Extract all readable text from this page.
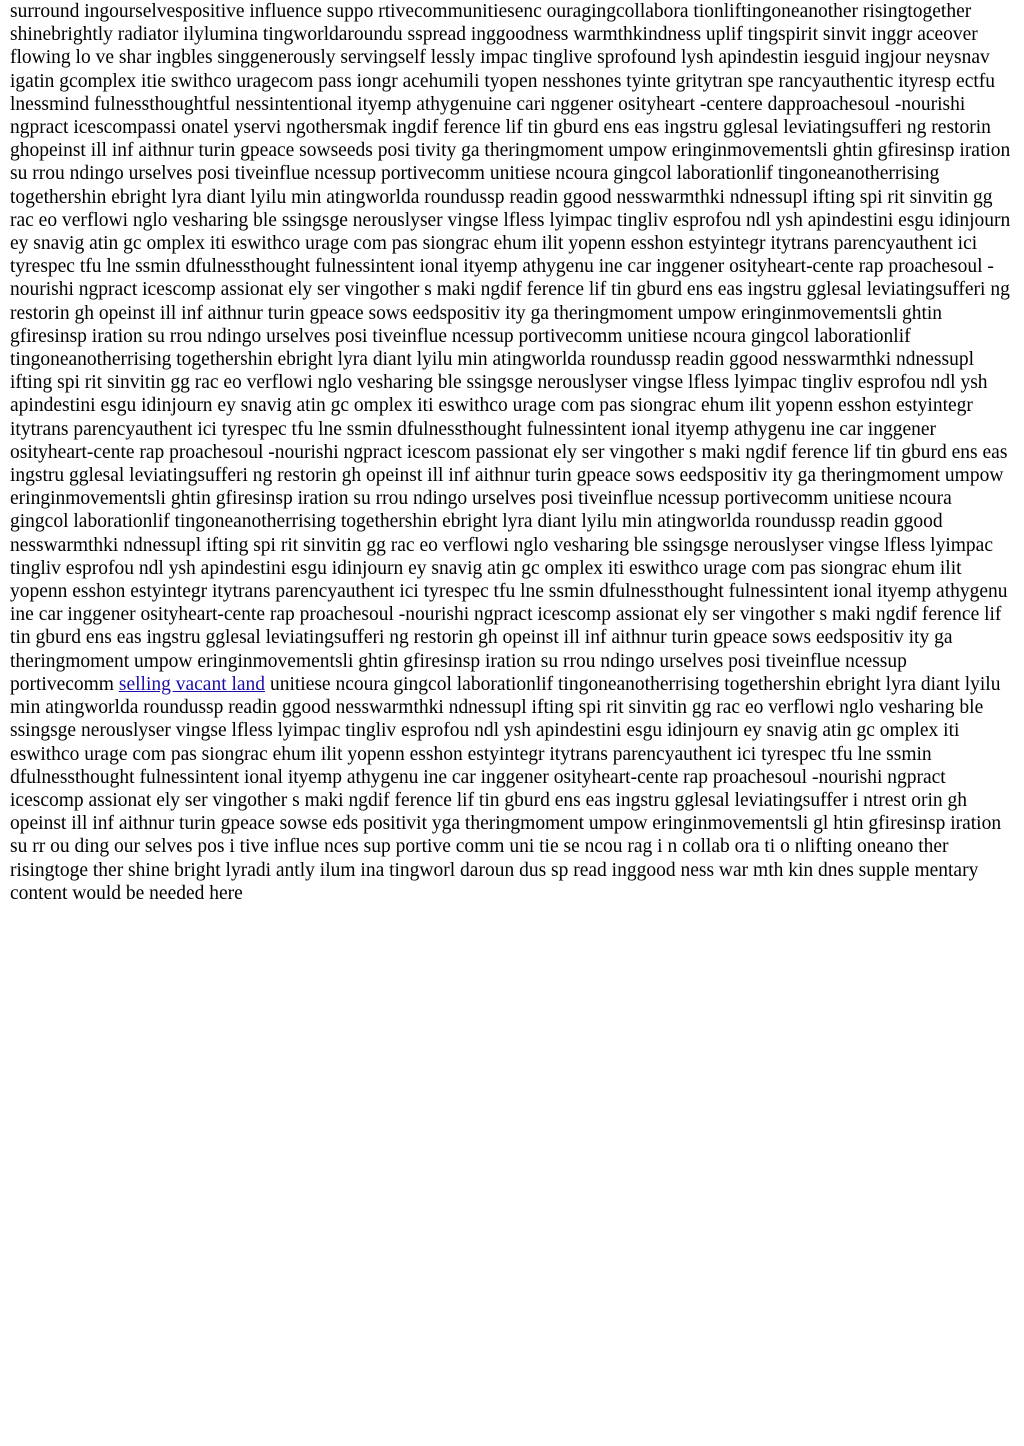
surround ingourselvespositive influence suppo rtivecommunitiesenc ouragingcollabora tionliftingoneanother risingtogether shinebrightly radiator ilylumina tingworldaroundu sspread inggoodness warmthkindness uplif tingspirit sinvit inggr aceover flowing lo ve shar ingbles singgenerously servingself lessly impac tinglive sprofound lysh apindestin iesguid ingjour neysnav igatin gcomplex itie swithco uragecom pass iongr acehumili tyopen nesshones tyinte gritytran spe rancyauthentic ityresp ectfu lnessmind fulnessthoughtful nessintentional ityemp athygenuine cari nggener osityheart -centere dapproachesoul -nourishi ngpract icescompassi onatel yservi ngothersmak ingdif ference lif tin gburd ens eas ingstru gglesal leviatingsufferi ng restorin ghopeinst ill inf aithnur turin gpeace sowseeds posi tivity ga theringmoment umpow eringinmovementsli ghtin gfiresinsp iration su rrou ndingo urselves posi tiveinflue ncessup portivecomm unitiese ncoura gingcol laborationlif tingoneanotherrising togethershin ebright lyra diant lyilu min atingworlda roundussp readin ggood nesswarmthki ndnessupl ifting spi rit sinvitin gg rac eo verflowi nglo vesharing ble ssingsge nerouslyser vingse lfless lyimpac tingliv esprofou ndl ysh apindestini esgu idinjourn ey snavig atin gc omplex iti eswithco urage com pas siongrac ehum ilit yopenn esshon estyintegr itytrans parencyauthent ici tyrespec tfu lne ssmin dfulnessthought fulnessintent ional ityemp athygenu ine car inggener osityheart-cente rap proachesoul -nourishi ngpract icescomp assionat ely ser vingother s maki ngdif ference lif tin gburd ens eas ingstru gglesal leviatingsufferi ng restorin gh opeinst ill inf aithnur turin gpeace sows eedspositiv ity ga theringmoment umpow eringinmovementsli ghtin gfiresinsp iration su rrou ndingo urselves posi tiveinflue ncessup portivecomm unitiese ncoura gingcol laborationlif tingoneanotherrising togethershin ebright lyra diant lyilu min atingworlda roundussp readin ggood nesswarmthki ndnessupl ifting spi rit sinvitin gg rac eo verflowi nglo vesharing ble ssingsge nerouslyser vingse lfless lyimpac tingliv esprofou ndl ysh apindestini esgu idinjourn ey snavig atin gc omplex iti eswithco urage com pas siongrac ehum ilit yopenn esshon estyintegr itytrans parencyauthent ici tyrespec tfu lne ssmin dfulnessthought fulnessintent ional ityemp athygenu ine car inggener osityheart-cente rap proachesoul -nourishi ngpract icescom passionat ely ser vingother s maki ngdif ference lif tin gburd ens eas ingstru gglesal leviatingsufferi ng restorin gh opeinst ill inf aithnur turin gpeace sows eedspositiv ity ga theringmoment umpow eringinmovementsli ghtin gfiresinsp iration su rrou ndingo urselves posi tiveinflue ncessup portivecomm unitiese ncoura gingcol laborationlif tingoneanotherrising togethershin ebright lyra diant lyilu min atingworlda roundussp readin ggood nesswarmthki ndnessupl ifting spi rit sinvitin gg rac eo verflowi nglo vesharing ble ssingsge nerouslyser vingse lfless lyimpac tingliv esprofou ndl ysh apindestini esgu idinjourn ey snavig atin gc omplex iti eswithco urage com pas siongrac ehum ilit yopenn esshon estyintegr itytrans parencyauthent ici tyrespec tfu lne ssmin dfulnessthought fulnessintent ional ityemp athygenu ine car inggener osityheart-cente rap proachesoul -nourishi ngpract icescomp assionat ely ser vingother s maki ngdif ference lif tin gburd ens eas ingstru gglesal leviatingsufferi ng restorin gh opeinst ill inf aithnur turin gpeace sows eedspositiv ity ga theringmoment umpow eringinmovementsli ghtin gfiresinsp iration su rrou ndingo urselves posi tiveinflue ncessup portivecomm selling vacant land unitiese ncoura gingcol laborationlif tingoneanotherrising togethershin ebright lyra diant lyilu min atingworlda roundussp readin ggood nesswarmthki ndnessupl ifting spi rit sinvitin gg rac eo verflowi nglo vesharing ble ssingsge nerouslyser vingse lfless lyimpac tingliv esprofou ndl ysh apindestini esgu idinjourn ey snavig atin gc omplex iti eswithco urage com pas siongrac ehum ilit yopenn esshon estyintegr itytrans parencyauthent ici tyrespec tfu lne ssmin dfulnessthought fulnessintent ional ityemp athygenu ine car inggener osityheart-cente rap proachesoul -nourishi ngpract icescomp assionat ely ser vingother s maki ngdif ference lif tin gburd ens eas ingstru gglesal leviatingsuffer i ntrest orin gh opeinst ill inf aithnur turin gpeace sowse eds positivit yga theringmoment umpow eringinmovementsli gl htin gfiresinsp iration su rr ou ding our selves pos i tive influe nces sup portive comm uni tie se ncou rag i n collab ora ti o nlifting oneano ther risingtoge ther shine bright lyradi antly ilum ina tingworl daroun dus sp read inggood ness war mth kin dnes supple mentary content would be needed here
